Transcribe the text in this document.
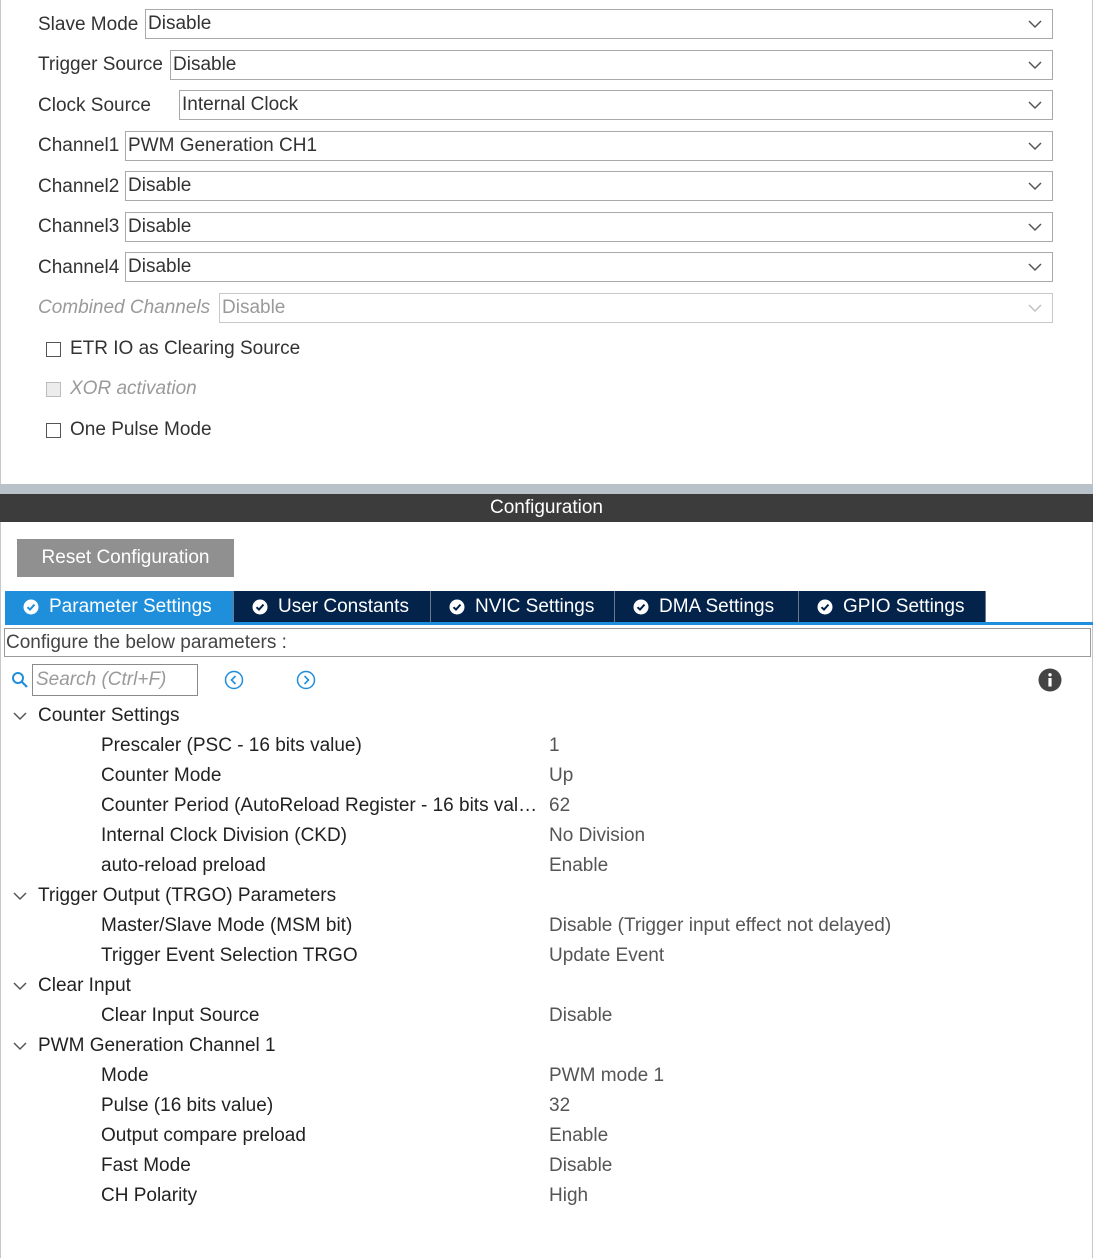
Slave Mode Disable
Trigger Source Disable
Clock Source Internal Clock
Channel1 PWM Generation CH1
Channel2 Disable
Channel3 Disable
Channel4 Disable
Combined Channels Disable
ETR IO as Clearing Source
XOR activation
One Pulse Mode
Configuration
Reset Configuration
Parameter Settings	User Constants	NVIC Settings	DMA Settings	GPIO Settings
Configure the below parameters :
Search (Ctrl+F)
Counter Settings
Prescaler (PSC - 16 bits value)	1
Counter Mode	Up
Counter Period (AutoReload Register - 16 bits val… 62
Internal Clock Division (CKD)	No Division
auto-reload preload	Enable
Trigger Output (TRGO) Parameters
Master/Slave Mode (MSM bit)	Disable (Trigger input effect not delayed)
Trigger Event Selection TRGO	Update Event
Clear Input
Clear Input Source	Disable
PWM Generation Channel 1
Mode	PWM mode 1
Pulse (16 bits value)	32
Output compare preload	Enable
Fast Mode	Disable
CH Polarity	High
